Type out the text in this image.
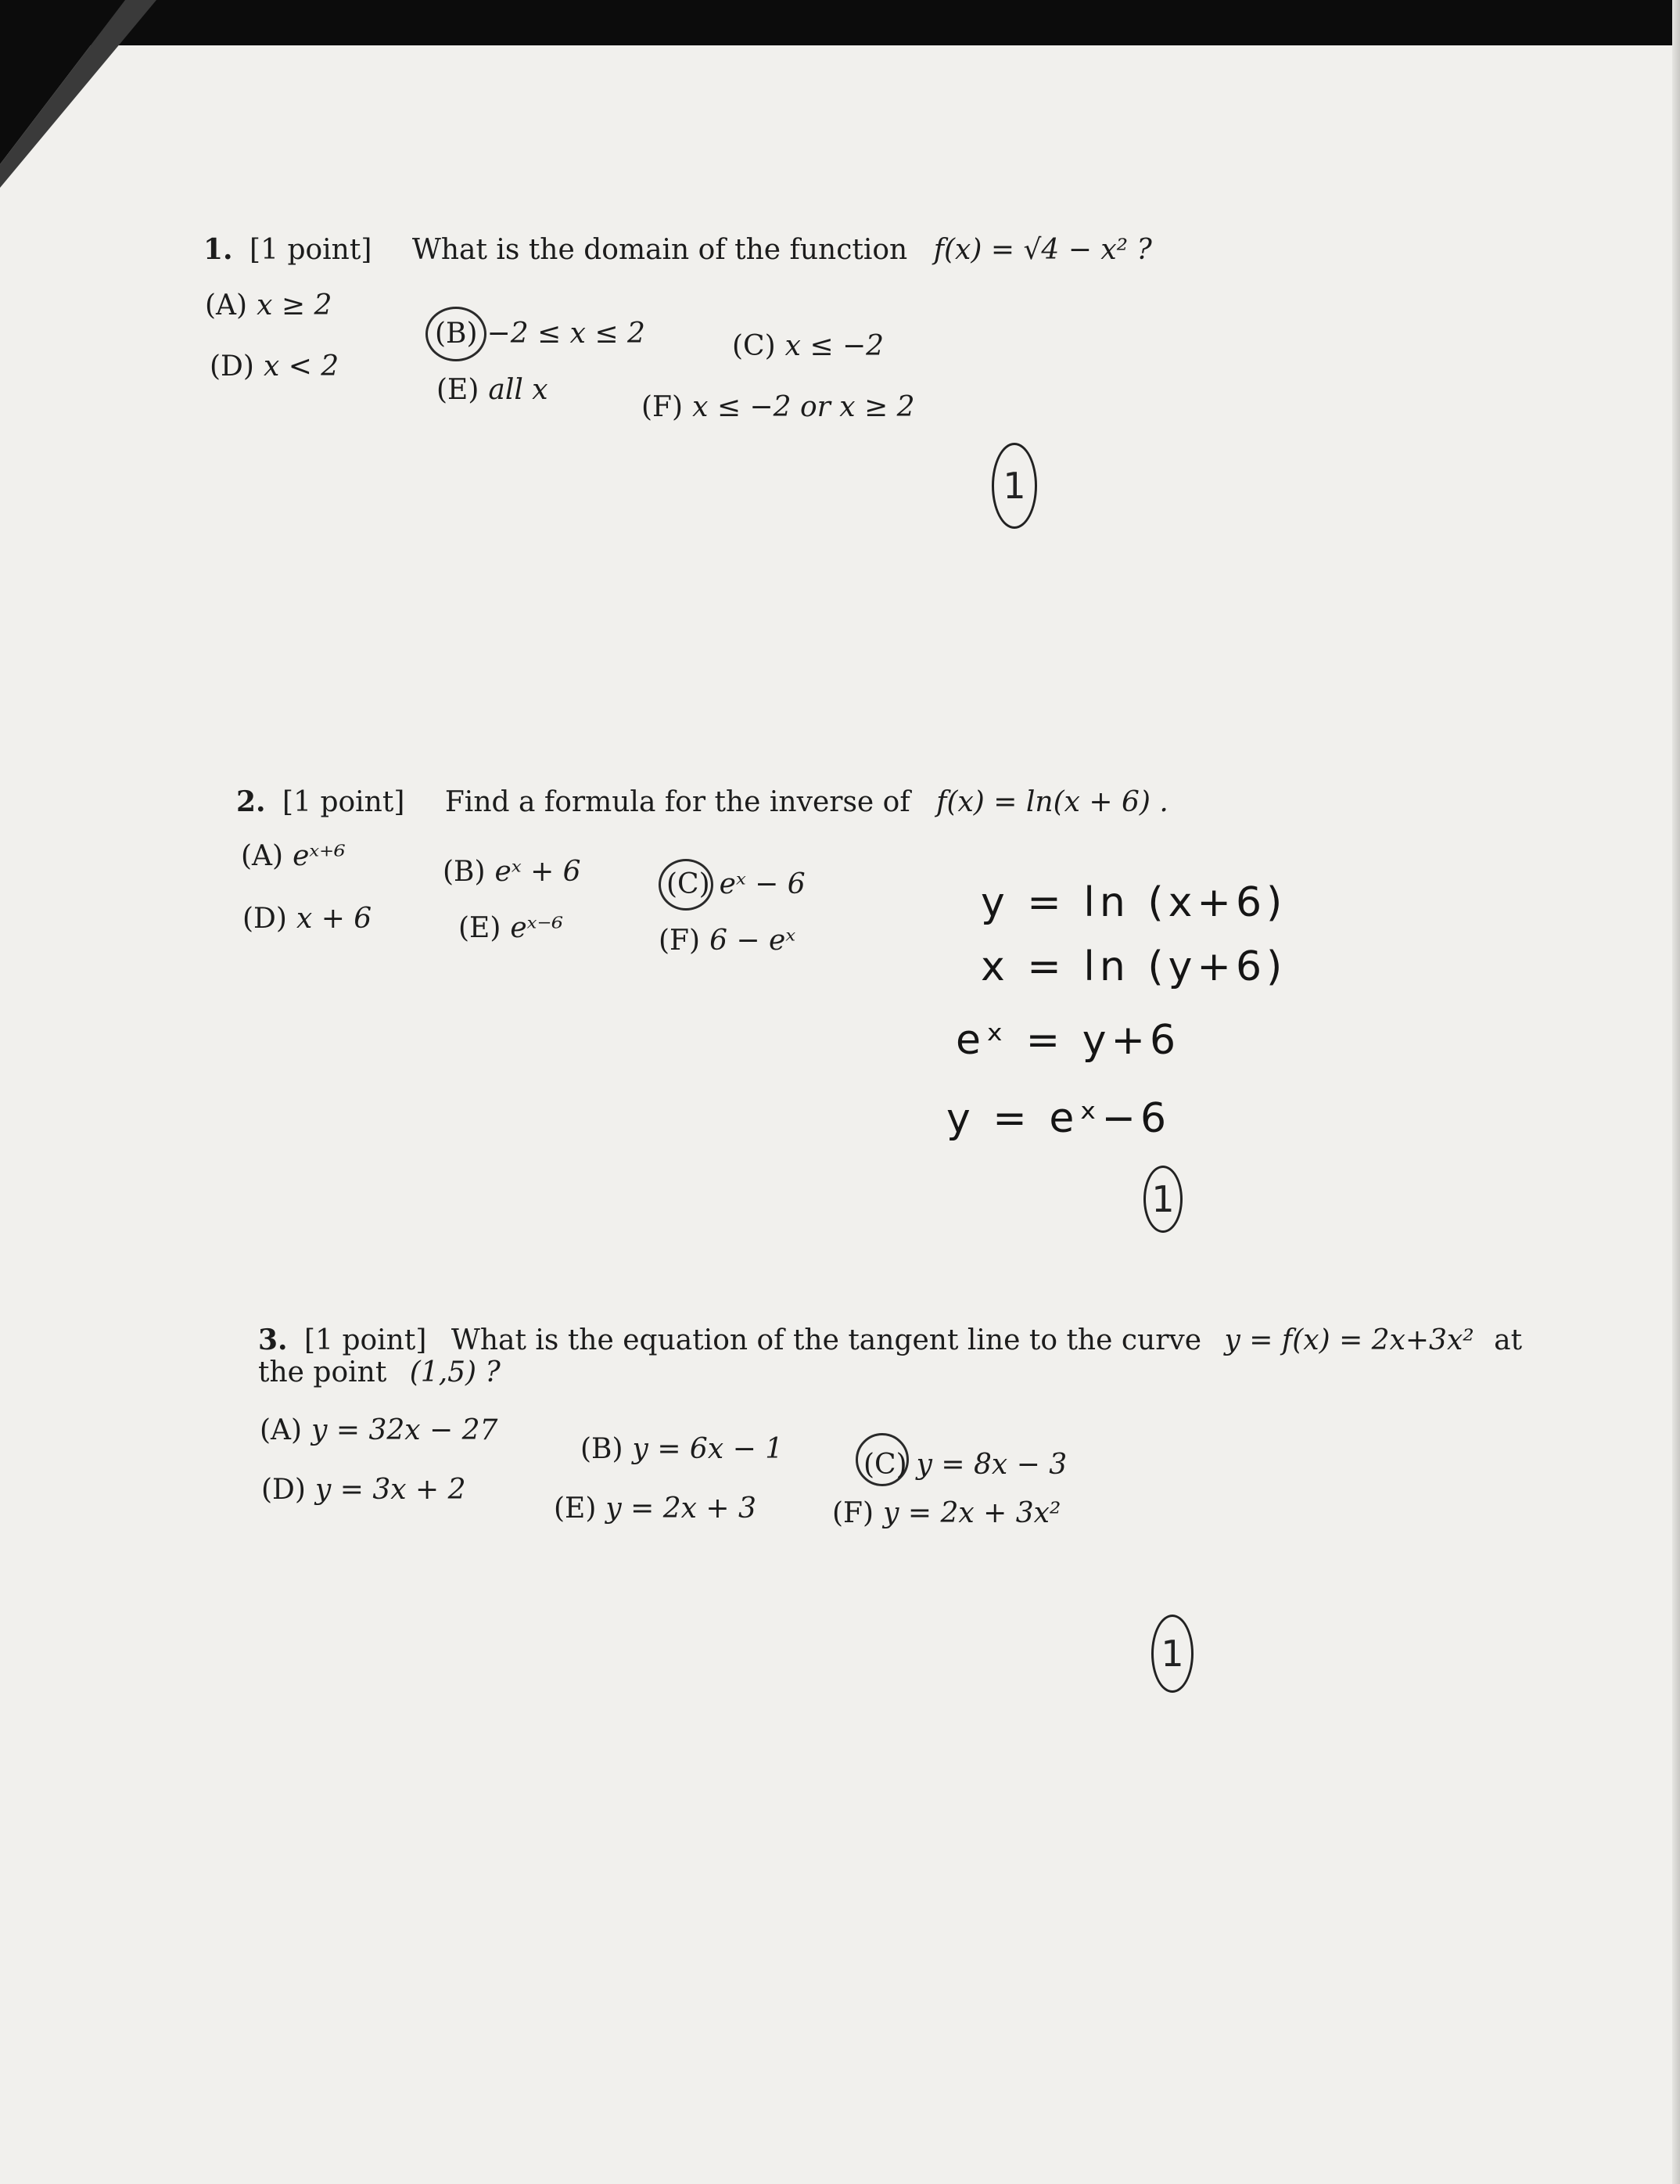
1. [1 point] What is the domain of the function f(x) = √4 − x² ?
(A) x ≥ 2
(B) −2 ≤ x ≤ 2	(C) x ≤ −2
(D) x < 2
(E) all x
(F) x ≤ −2 or x ≥ 2
1
2. [1 point] Find a formula for the inverse of f(x) = ln(x + 6) .
(A) eˣ⁺⁶	(B) eˣ + 6	(C) eˣ − 6
(D) x + 6	(E) eˣ⁻⁶	(F) 6 − eˣ
y = ln (x+6)
x = ln (y+6)
eˣ = y+6
y = eˣ−6
1
3. [1 point] What is the equation of the tangent line to the curve y = f(x) = 2x+3x² at
the point (1,5) ?
(A) y = 32x − 27
(B) y = 6x − 1	(C) y = 8x − 3
(D) y = 3x + 2
(E) y = 2x + 3	(F) y = 2x + 3x²
1
